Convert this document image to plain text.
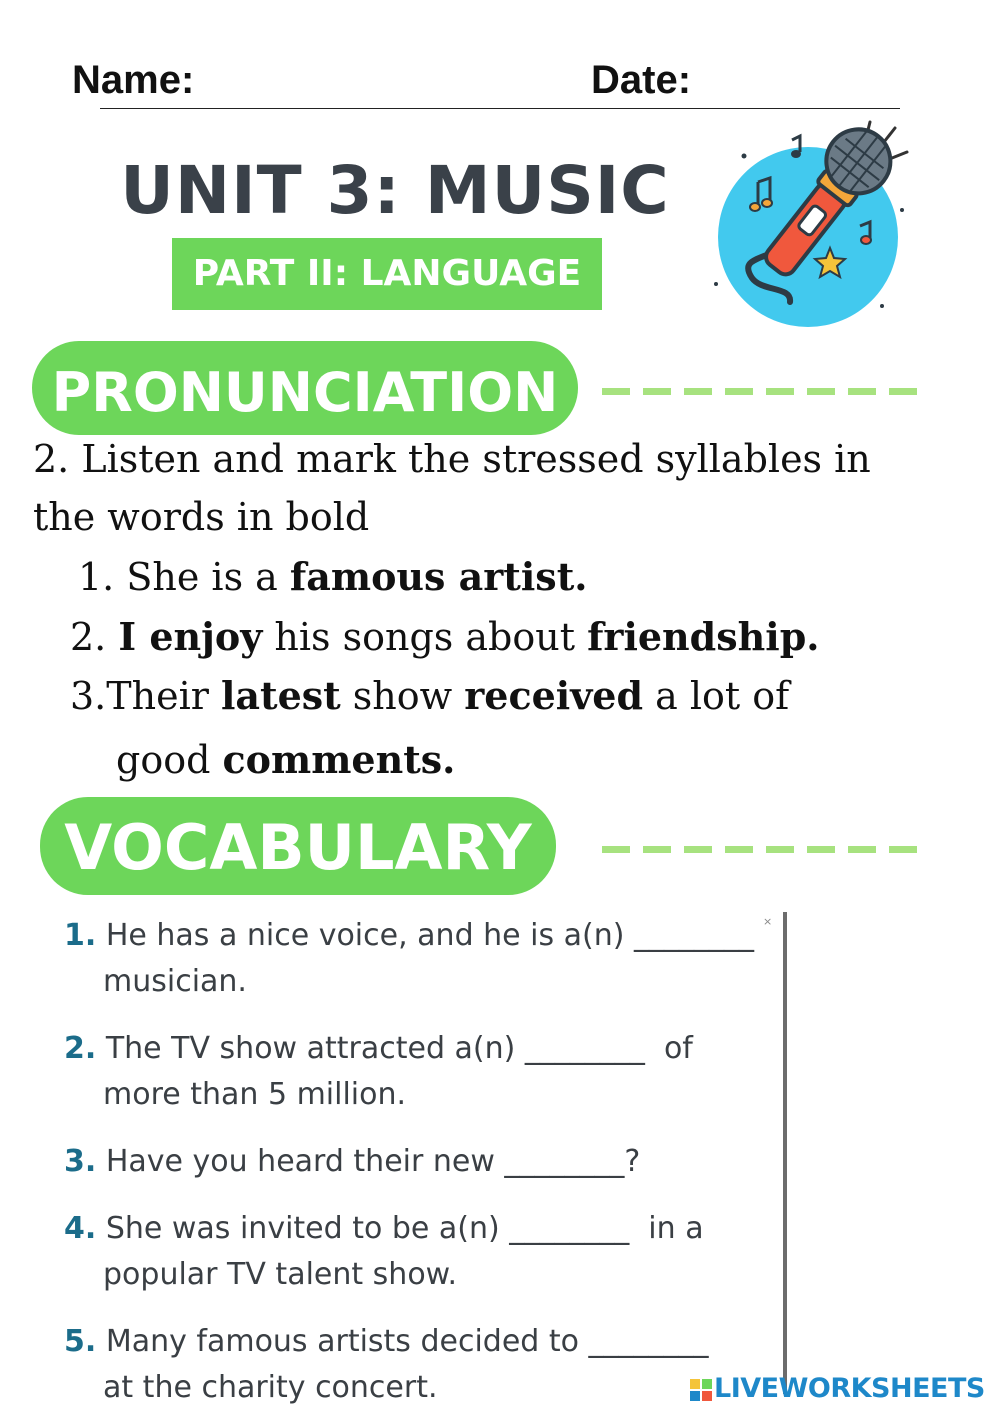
Name:	Date:
UNIT 3: MUSIC
PART II: LANGUAGE
PRONUNCIATION
2. Listen and mark the stressed syllables in
the words in bold
1. She is a famous artist.
2. I enjoy his songs about friendship.
3.Their latest show received a lot of
good comments.
VOCABULARY
×
1. He has a nice voice, and he is a(n) ________
musician.
2. The TV show attracted a(n) ________  of
more than 5 million.
3. Have you heard their new ________?
4. She was invited to be a(n) ________  in a
popular TV talent show.
5. Many famous artists decided to ________
at the charity concert.	LIVEWORKSHEETS
